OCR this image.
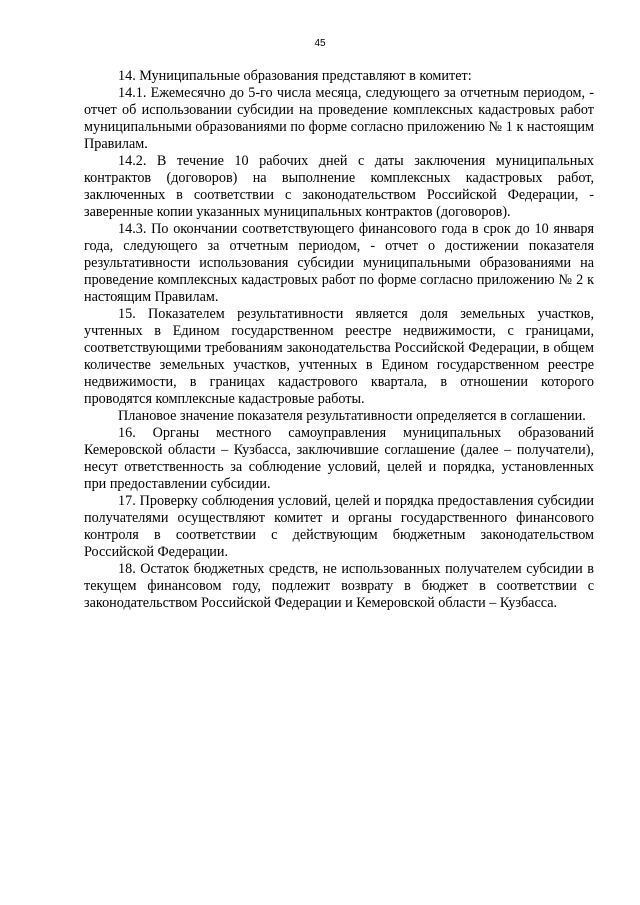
45

14. Муниципальные образования представляют в комитет:

14.1. Ежемесячно до 5-го числа месяца, следующего за отчетным периодом, - отчет об использовании субсидии на проведение комплексных кадастровых работ муниципальными образованиями по форме согласно приложению № 1 к настоящим Правилам.

14.2. В течение 10 рабочих дней с даты заключения муниципальных контрактов (договоров) на выполнение комплексных кадастровых работ, заключенных в соответствии с законодательством Российской Федерации, - заверенные копии указанных муниципальных контрактов (договоров).

14.3. По окончании соответствующего финансового года в срок до 10 января года, следующего за отчетным периодом, - отчет о достижении показателя результативности использования субсидии муниципальными образованиями на проведение комплексных кадастровых работ по форме согласно приложению № 2 к настоящим Правилам.

15. Показателем результативности является доля земельных участков, учтенных в Едином государственном реестре недвижимости, с границами, соответствующими требованиям законодательства Российской Федерации, в общем количестве земельных участков, учтенных в Едином государственном реестре недвижимости, в границах кадастрового квартала, в отношении которого проводятся комплексные кадастровые работы.

Плановое значение показателя результативности определяется в соглашении.

16. Органы местного самоуправления муниципальных образований Кемеровской области – Кузбасса, заключившие соглашение (далее – получатели), несут ответственность за соблюдение условий, целей и порядка, установленных при предоставлении субсидии.

17. Проверку соблюдения условий, целей и порядка предоставления субсидии получателями осуществляют комитет и органы государственного финансового контроля в соответствии с действующим бюджетным законодательством Российской Федерации.

18. Остаток бюджетных средств, не использованных получателем субсидии в текущем финансовом году, подлежит возврату в бюджет в соответствии с законодательством Российской Федерации и Кемеровской области – Кузбасса.
